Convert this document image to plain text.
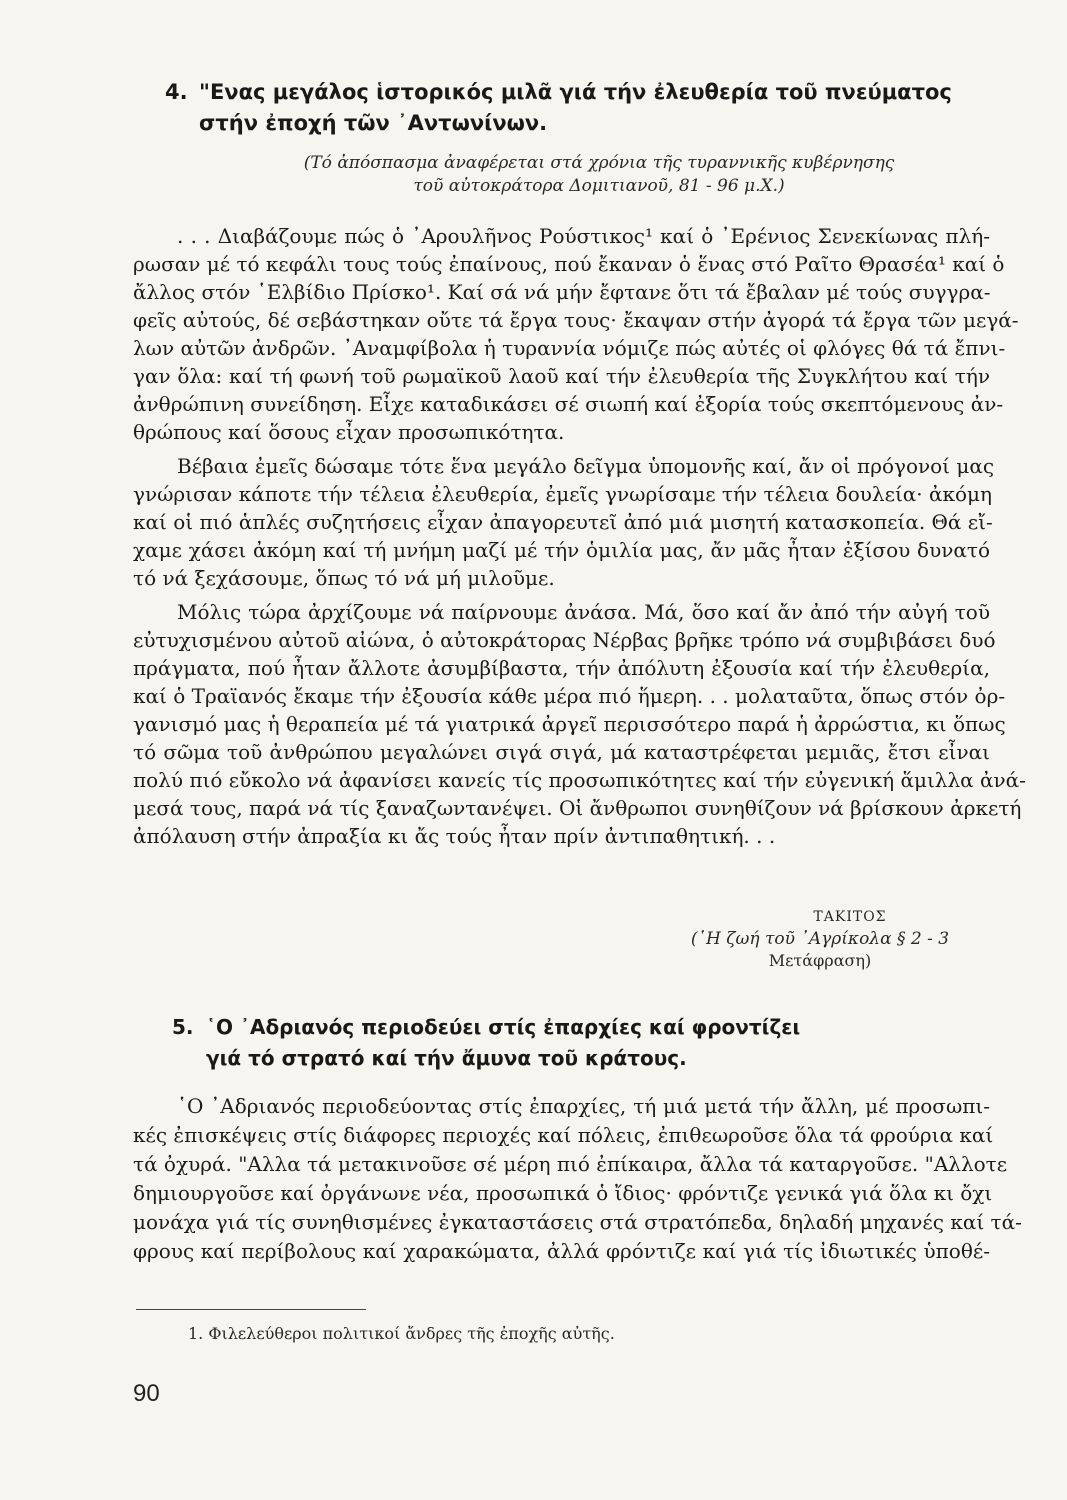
4. "Ενας μεγάλος ἱστορικός μιλᾶ γιά τήν ἐλευθερία τοῦ πνεύματος
στήν ἐποχή τῶν ᾽Αντωνίνων.
(Τό ἀπόσπασμα ἀναφέρεται στά χρόνια τῆς τυραννικῆς κυβέρνησης
τοῦ αὐτοκράτορα Δομιτιανοῦ, 81 - 96 μ.Χ.)

. . . Διαβάζουμε πώς ὁ ᾽Αρουλῆνος Ρούστικος¹ καί ὁ ᾽Ερένιος Σενεκίωνας πλή-
ρωσαν μέ τό κεφάλι τους τούς ἐπαίνους, πού ἔκαναν ὁ ἕνας στό Ραῖτο Θρασέα¹ καί ὁ
ἄλλος στόν ῾Ελβίδιο Πρίσκο¹. Καί σά νά μήν ἔφτανε ὅτι τά ἔβαλαν μέ τούς συγγρα-
φεῖς αὐτούς, δέ σεβάστηκαν οὔτε τά ἔργα τους· ἔκαψαν στήν ἀγορά τά ἔργα τῶν μεγά-
λων αὐτῶν ἀνδρῶν. ᾽Αναμφίβολα ἡ τυραννία νόμιζε πώς αὐτές οἱ φλόγες θά τά ἔπνι-
γαν ὅλα: καί τή φωνή τοῦ ρωμαϊκοῦ λαοῦ καί τήν ἐλευθερία τῆς Συγκλήτου καί τήν
ἀνθρώπινη συνείδηση. Εἶχε καταδικάσει σέ σιωπή καί ἐξορία τούς σκεπτόμενους ἀν-
θρώπους καί ὅσους εἶχαν προσωπικότητα.

Βέβαια ἐμεῖς δώσαμε τότε ἕνα μεγάλο δεῖγμα ὑπομονῆς καί, ἄν οἱ πρόγονοί μας
γνώρισαν κάποτε τήν τέλεια ἐλευθερία, ἐμεῖς γνωρίσαμε τήν τέλεια δουλεία· ἀκόμη
καί οἱ πιό ἁπλές συζητήσεις εἶχαν ἀπαγορευτεῖ ἀπό μιά μισητή κατασκοπεία. Θά εἴ-
χαμε χάσει ἀκόμη καί τή μνήμη μαζί μέ τήν ὁμιλία μας, ἄν μᾶς ἦταν ἐξίσου δυνατό
τό νά ξεχάσουμε, ὅπως τό νά μή μιλοῦμε.

Μόλις τώρα ἀρχίζουμε νά παίρνουμε ἀνάσα. Μά, ὅσο καί ἄν ἀπό τήν αὐγή τοῦ
εὐτυχισμένου αὐτοῦ αἰώνα, ὁ αὐτοκράτορας Νέρβας βρῆκε τρόπο νά συμβιβάσει δυό
πράγματα, πού ἦταν ἄλλοτε ἀσυμβίβαστα, τήν ἀπόλυτη ἐξουσία καί τήν ἐλευθερία,
καί ὁ Τραϊανός ἔκαμε τήν ἐξουσία κάθε μέρα πιό ἥμερη. . . μολαταῦτα, ὅπως στόν ὀρ-
γανισμό μας ἡ θεραπεία μέ τά γιατρικά ἀργεῖ περισσότερο παρά ἡ ἀρρώστια, κι ὅπως
τό σῶμα τοῦ ἀνθρώπου μεγαλώνει σιγά σιγά, μά καταστρέφεται μεμιᾶς, ἔτσι εἶναι
πολύ πιό εὔκολο νά ἀφανίσει κανείς τίς προσωπικότητες καί τήν εὐγενική ἅμιλλα ἀνά-
μεσά τους, παρά νά τίς ξαναζωντανέψει. Οἱ ἄνθρωποι συνηθίζουν νά βρίσκουν ἀρκετή
ἀπόλαυση στήν ἀπραξία κι ἄς τούς ἦταν πρίν ἀντιπαθητική. . .

ΤΑΚΙΤΟΣ
(῾Η ζωή τοῦ ᾽Αγρίκολα § 2 - 3
Μετάφραση)
5. ῾Ο ᾽Αδριανός περιοδεύει στίς ἐπαρχίες καί φροντίζει
γιά τό στρατό καί τήν ἄμυνα τοῦ κράτους.

῾Ο ᾽Αδριανός περιοδεύοντας στίς ἐπαρχίες, τή μιά μετά τήν ἄλλη, μέ προσωπι-
κές ἐπισκέψεις στίς διάφορες περιοχές καί πόλεις, ἐπιθεωροῦσε ὅλα τά φρούρια καί
τά ὀχυρά. "Αλλα τά μετακινοῦσε σέ μέρη πιό ἐπίκαιρα, ἄλλα τά καταργοῦσε. "Αλλοτε
δημιουργοῦσε καί ὀργάνωνε νέα, προσωπικά ὁ ἴδιος· φρόντιζε γενικά γιά ὅλα κι ὄχι
μονάχα γιά τίς συνηθισμένες ἐγκαταστάσεις στά στρατόπεδα, δηλαδή μηχανές καί τά-
φρους καί περίβολους καί χαρακώματα, ἀλλά φρόντιζε καί γιά τίς ἰδιωτικές ὑποθέ-

1. Φιλελεύθεροι πολιτικοί ἄνδρες τῆς ἐποχῆς αὐτῆς.
90
